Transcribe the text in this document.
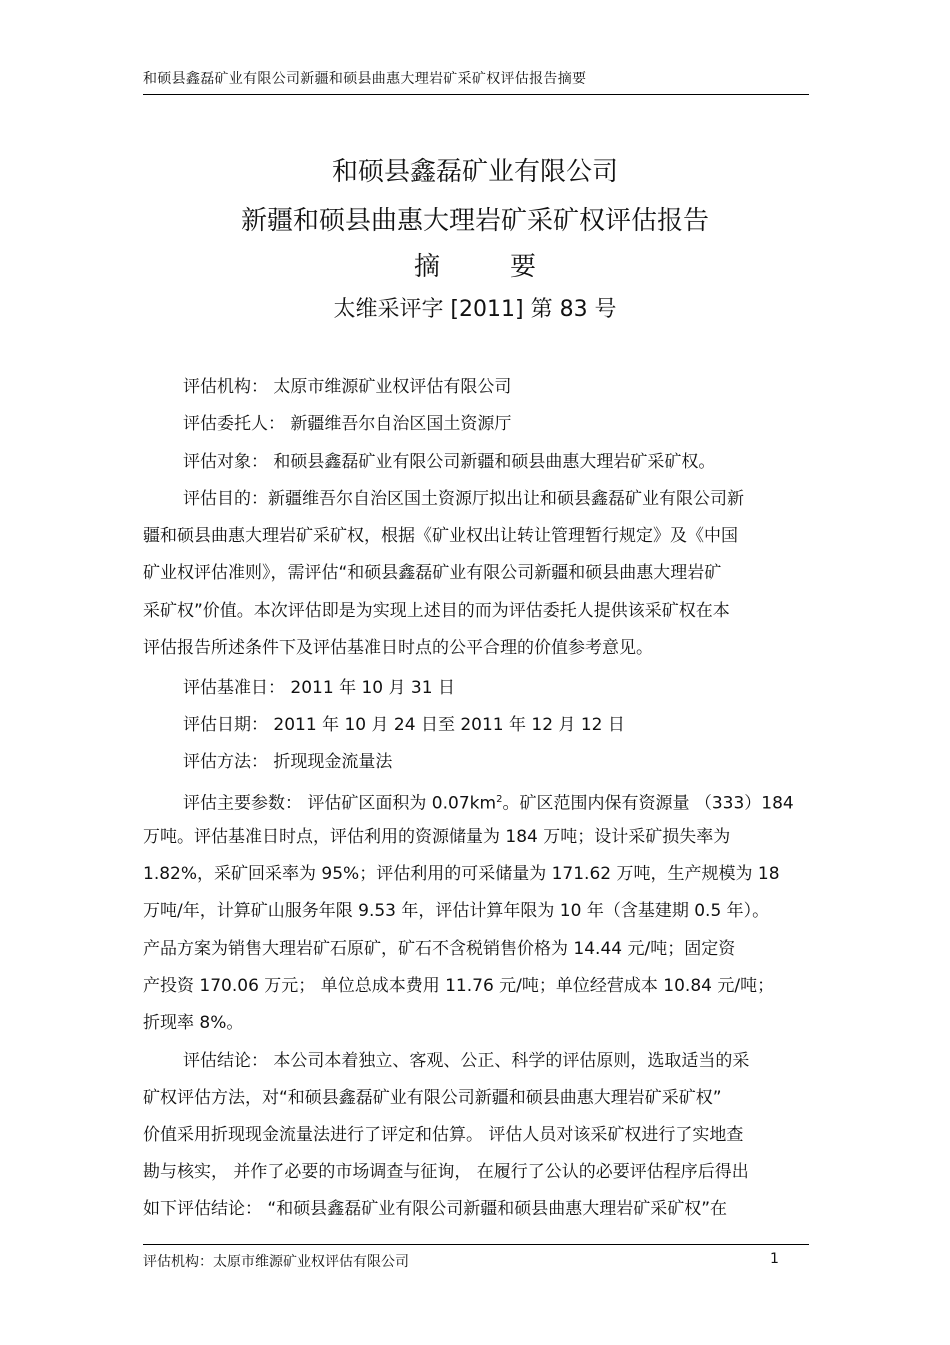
和硕县鑫磊矿业有限公司新疆和硕县曲惠大理岩矿采矿权评估报告摘要
和硕县鑫磊矿业有限公司
新疆和硕县曲惠大理岩矿采矿权评估报告
摘	要
太维采评字 [2011] 第 83 号
评估机构： 太原市维源矿业权评估有限公司
评估委托人： 新疆维吾尔自治区国土资源厅
评估对象： 和硕县鑫磊矿业有限公司新疆和硕县曲惠大理岩矿采矿权。
评估目的：新疆维吾尔自治区国土资源厅拟出让和硕县鑫磊矿业有限公司新
疆和硕县曲惠大理岩矿采矿权，根据《矿业权出让转让管理暂行规定》及《中国
矿业权评估准则》，需评估“和硕县鑫磊矿业有限公司新疆和硕县曲惠大理岩矿
采矿权”价值。本次评估即是为实现上述目的而为评估委托人提供该采矿权在本
评估报告所述条件下及评估基准日时点的公平合理的价值参考意见。
评估基准日： 2011 年 10 月 31 日
评估日期： 2011 年 10 月 24 日至 2011 年 12 月 12 日
评估方法： 折现现金流量法
评估主要参数： 评估矿区面积为 $0.07km^2$。矿区范围内保有资源量 （333）184
万吨。评估基准日时点，评估利用的资源储量为 184 万吨；设计采矿损失率为
1.82%，采矿回采率为 95%；评估利用的可采储量为 171.62 万吨，生产规模为 18
万吨/年，计算矿山服务年限 9.53 年，评估计算年限为 10 年（含基建期 0.5 年）。
产品方案为销售大理岩矿石原矿，矿石不含税销售价格为 14.44 元/吨；固定资
产投资 170.06 万元； 单位总成本费用 11.76 元/吨；单位经营成本 10.84 元/吨；
折现率 8%。
评估结论： 本公司本着独立、客观、公正、科学的评估原则，选取适当的采
矿权评估方法，对“和硕县鑫磊矿业有限公司新疆和硕县曲惠大理岩矿采矿权”
价值采用折现现金流量法进行了评定和估算。 评估人员对该采矿权进行了实地查
勘与核实， 并作了必要的市场调查与征询， 在履行了公认的必要评估程序后得出
如下评估结论： “和硕县鑫磊矿业有限公司新疆和硕县曲惠大理岩矿采矿权”在
评估机构：太原市维源矿业权评估有限公司	1
